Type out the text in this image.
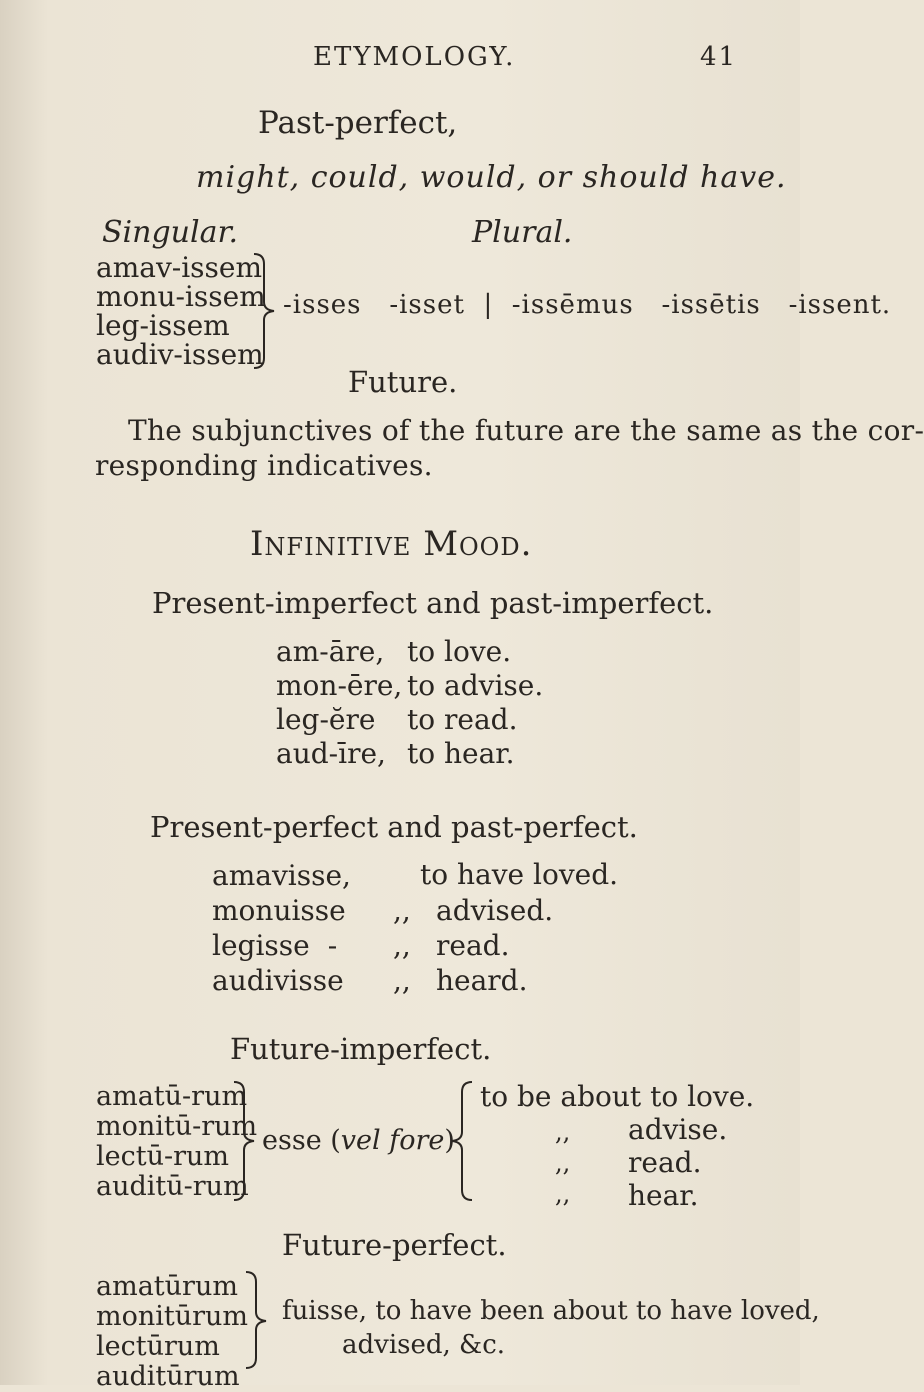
ETYMOLOGY.	41
Past-perfect,
might, could, would, or should have.
Singular.	Plural.
amav-issem
monu-issem
leg-issem
audiv-issem
-isses -isset | -issēmus -issētis -issent.
Future.
The subjunctives of the future are the same as the cor-
responding indicatives.
Infinitive Mood.
Present-imperfect and past-imperfect.
am-āre,
mon-ēre,
leg-ĕre
aud-īre,
to love.
to advise.
to read.
to hear.
Present-perfect and past-perfect.
amavisse,
monuisse
legisse -
audivisse
,,
,,
,,
to have loved.
advised.
read.
heard.
Future-imperfect.
amatū-rum
monitū-rum
lectū-rum
auditū-rum
esse (vel fore)
to be about to love.
,,
,,
,,
advise.
read.
hear.
Future-perfect.
amatūrum
monitūrum
lectūrum
auditūrum
fuisse, to have been about to have loved,
advised, &c.
